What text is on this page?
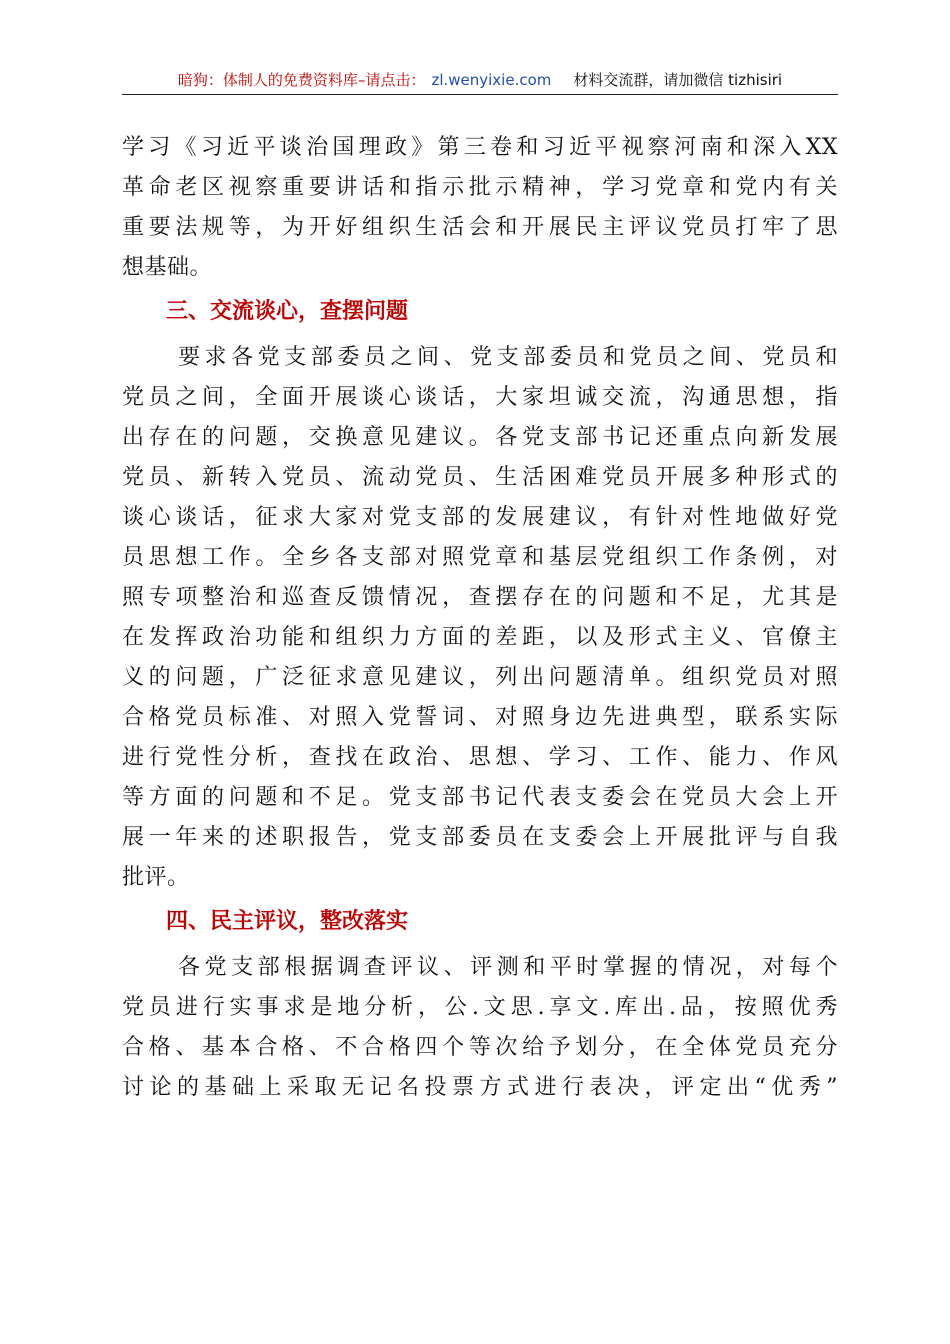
暗狗：体制人的免费资料库–请点击： zl.wenyixie.com 材料交流群，请加微信 tizhisiri
学习《习近平谈治国理政》第三卷和习近平视察河南和深入XX
革命老区视察重要讲话和指示批示精神，学习党章和党内有关
重要法规等，为开好组织生活会和开展民主评议党员打牢了思
想基础。
三、交流谈心，查摆问题
要求各党支部委员之间、党支部委员和党员之间、党员和
党员之间，全面开展谈心谈话，大家坦诚交流，沟通思想，指
出存在的问题，交换意见建议。各党支部书记还重点向新发展
党员、新转入党员、流动党员、生活困难党员开展多种形式的
谈心谈话，征求大家对党支部的发展建议，有针对性地做好党
员思想工作。全乡各支部对照党章和基层党组织工作条例，对
照专项整治和巡查反馈情况，查摆存在的问题和不足，尤其是
在发挥政治功能和组织力方面的差距，以及形式主义、官僚主
义的问题，广泛征求意见建议，列出问题清单。组织党员对照
合格党员标准、对照入党誓词、对照身边先进典型，联系实际
进行党性分析，查找在政治、思想、学习、工作、能力、作风
等方面的问题和不足。党支部书记代表支委会在党员大会上开
展一年来的述职报告，党支部委员在支委会上开展批评与自我
批评。
四、民主评议，整改落实
各党支部根据调查评议、评测和平时掌握的情况，对每个
党员进行实事求是地分析，公.文思.享文.库出.品，按照优秀
合格、基本合格、不合格四个等次给予划分，在全体党员充分
讨论的基础上采取无记名投票方式进行表决，评定出“优秀”
